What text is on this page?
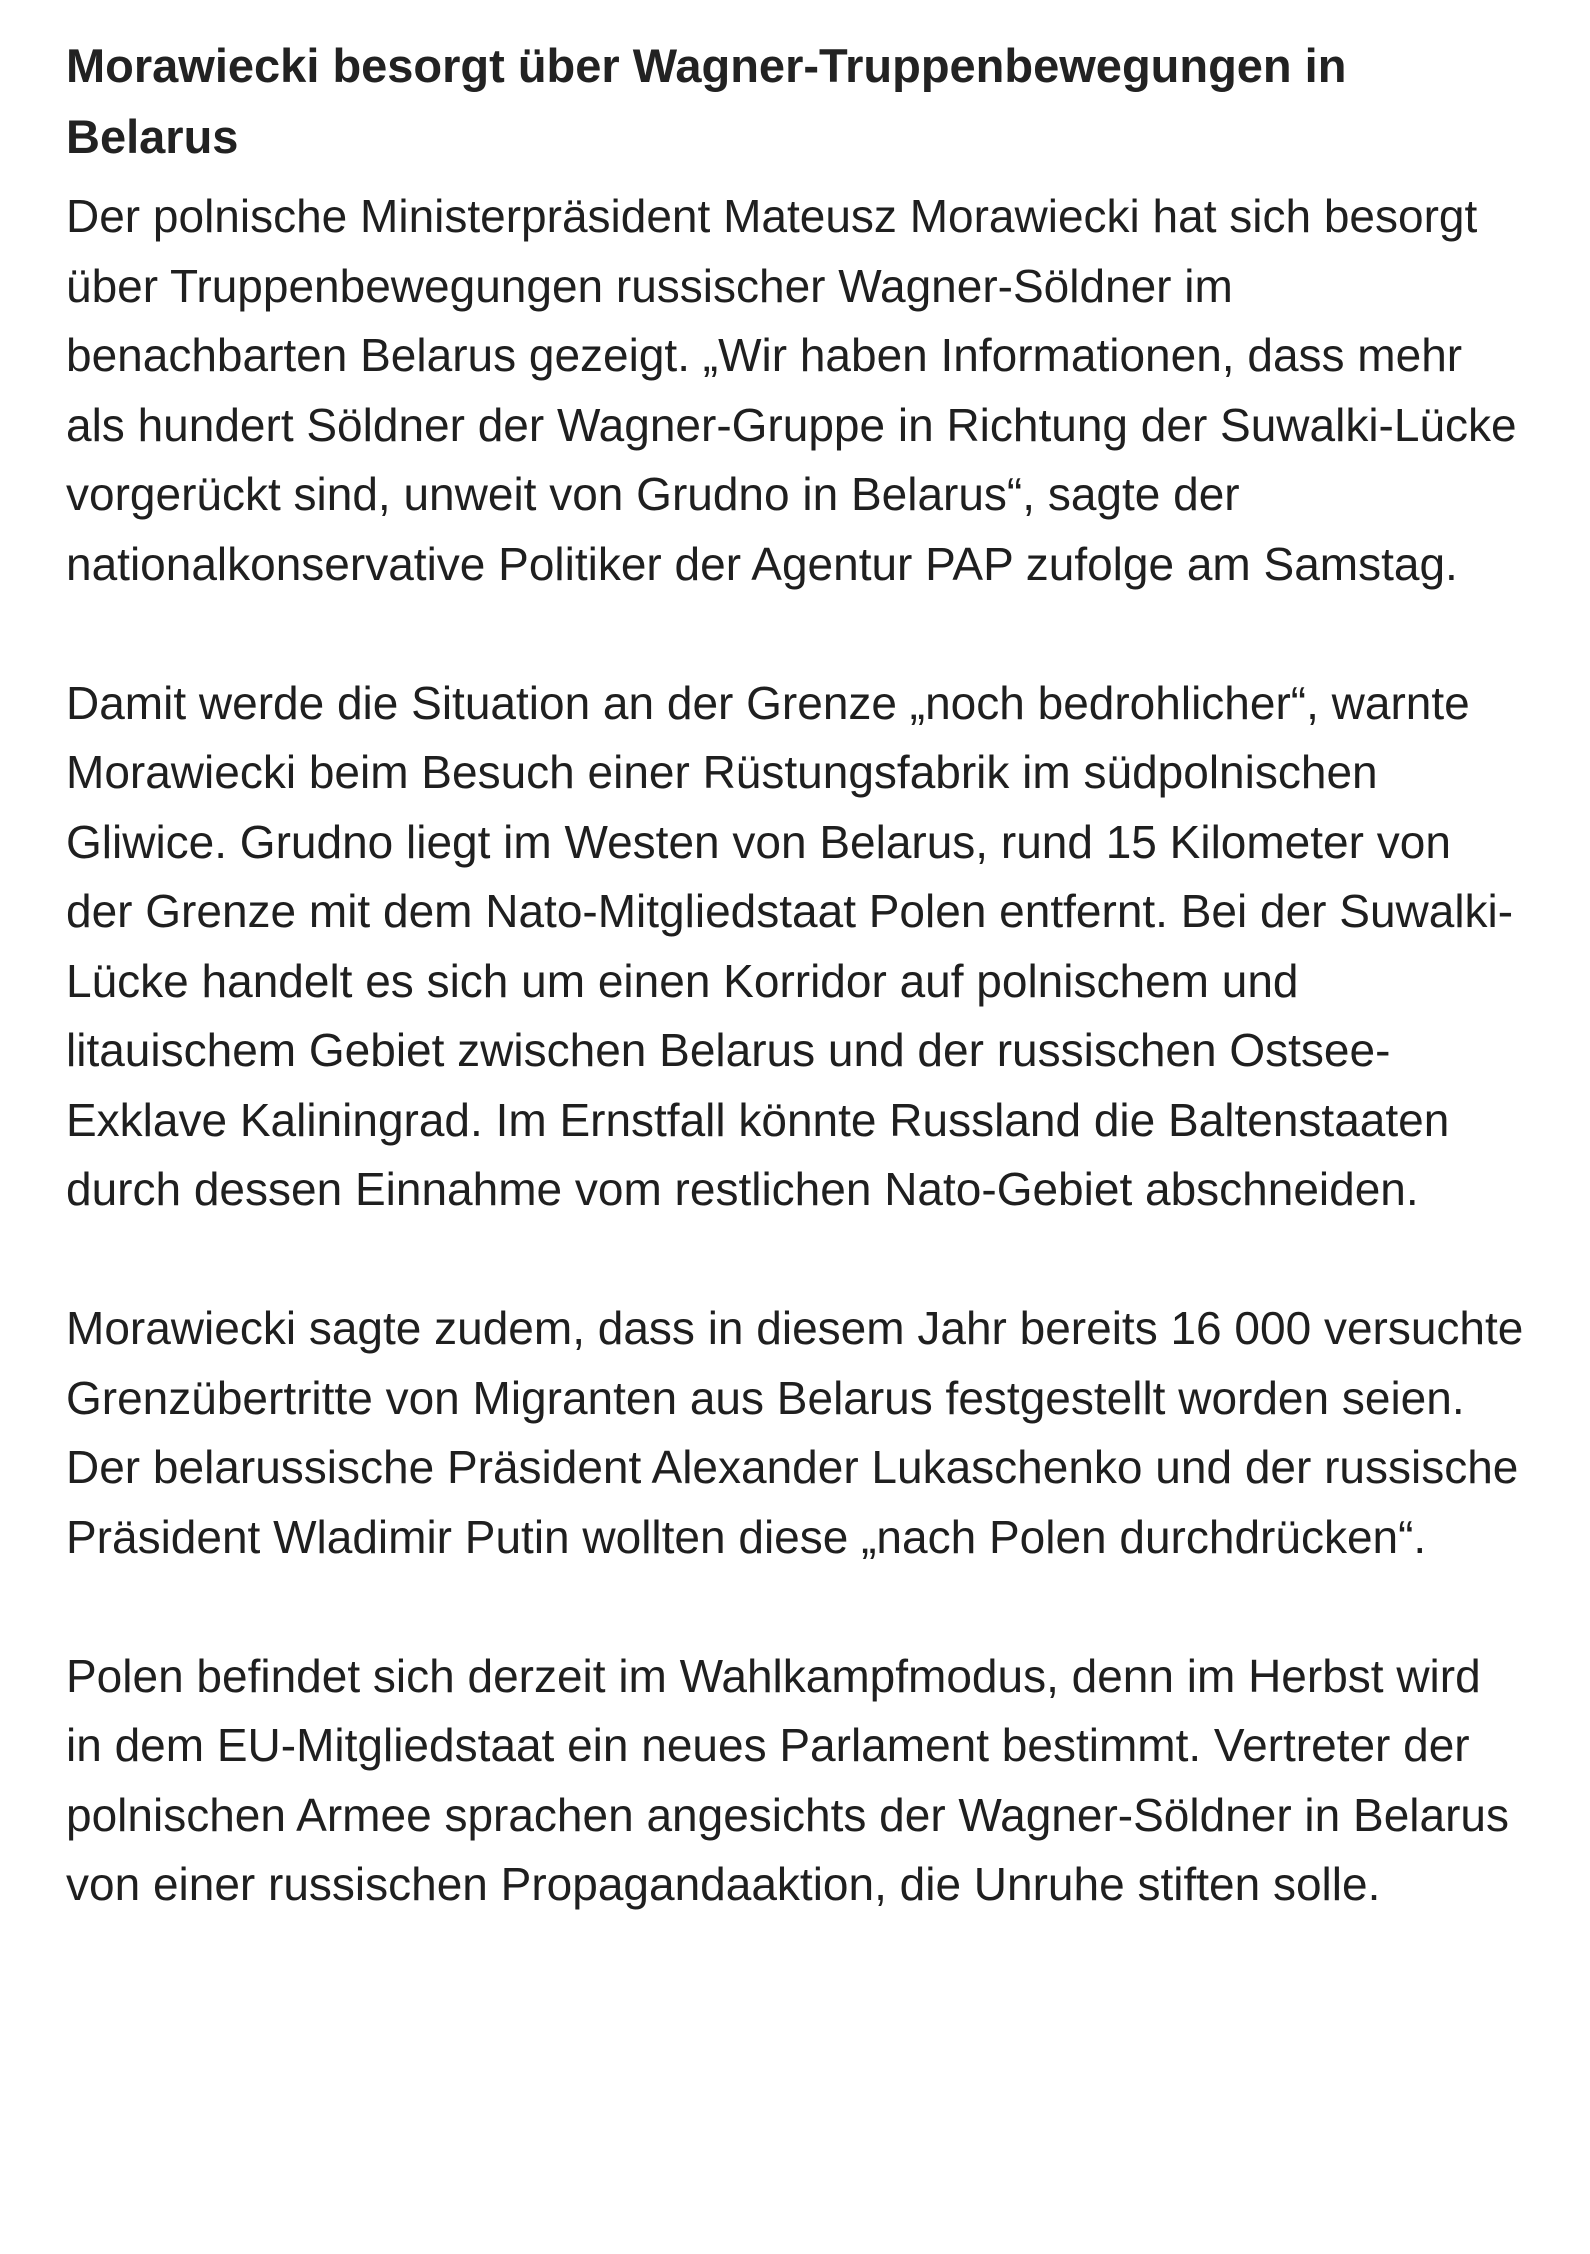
Morawiecki besorgt über Wagner-Truppenbewegungen in Belarus

Der polnische Ministerpräsident Mateusz Morawiecki hat sich besorgt über Truppenbewegungen russischer Wagner-Söldner im benachbarten Belarus gezeigt. „Wir haben Informationen, dass mehr als hundert Söldner der Wagner-Gruppe in Richtung der Suwalki-Lücke vorgerückt sind, unweit von Grudno in Belarus“, sagte der nationalkonservative Politiker der Agentur PAP zufolge am Samstag.

Damit werde die Situation an der Grenze „noch bedrohlicher“, warnte Morawiecki beim Besuch einer Rüstungsfabrik im südpolnischen Gliwice. Grudno liegt im Westen von Belarus, rund 15 Kilometer von der Grenze mit dem Nato-Mitgliedstaat Polen entfernt. Bei der Suwalki-Lücke handelt es sich um einen Korridor auf polnischem und litauischem Gebiet zwischen Belarus und der russischen Ostsee-Exklave Kaliningrad. Im Ernstfall könnte Russland die Baltenstaaten durch dessen Einnahme vom restlichen Nato-Gebiet abschneiden.

Morawiecki sagte zudem, dass in diesem Jahr bereits 16 000 versuchte Grenzübertritte von Migranten aus Belarus festgestellt worden seien. Der belarussische Präsident Alexander Lukaschenko und der russische Präsident Wladimir Putin wollten diese „nach Polen durchdrücken“.

Polen befindet sich derzeit im Wahlkampfmodus, denn im Herbst wird in dem EU-Mitgliedstaat ein neues Parlament bestimmt. Vertreter der polnischen Armee sprachen angesichts der Wagner-Söldner in Belarus von einer russischen Propagandaaktion, die Unruhe stiften solle.
